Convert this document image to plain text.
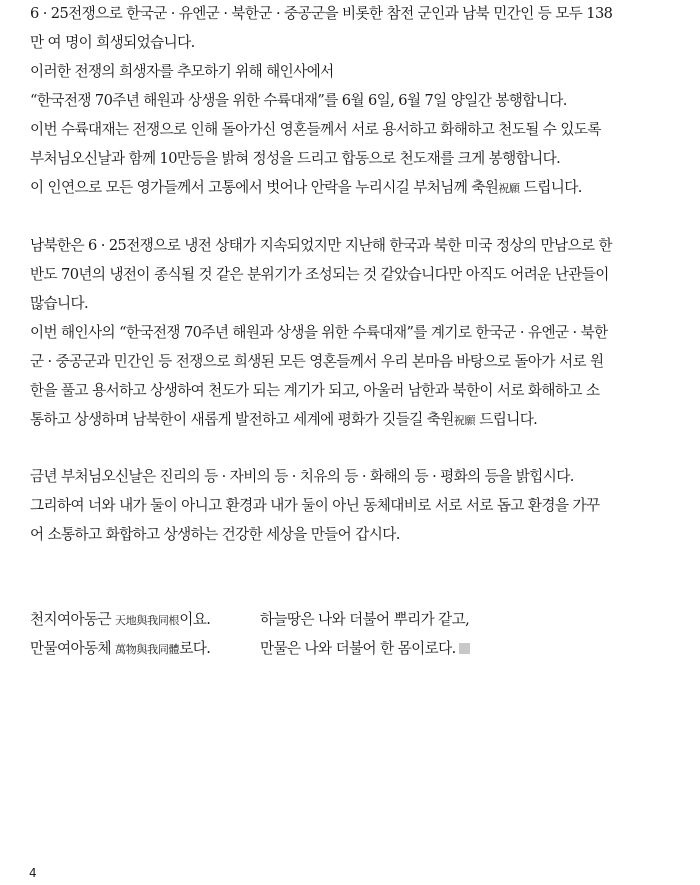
6 · 25전쟁으로 한국군 · 유엔군 · 북한군 · 중공군을 비롯한 참전 군인과 남북 민간인 등 모두 138
만 여 명이 희생되었습니다.
이러한 전쟁의 희생자를 추모하기 위해 해인사에서
“한국전쟁 70주년 해원과 상생을 위한 수륙대재”를 6월 6일, 6월 7일 양일간 봉행합니다.
이번 수륙대재는 전쟁으로 인해 돌아가신 영혼들께서 서로 용서하고 화해하고 천도될 수 있도록
부처님오신날과 함께 10만등을 밝혀 정성을 드리고 합동으로 천도재를 크게 봉행합니다.
이 인연으로 모든 영가들께서 고통에서 벗어나 안락을 누리시길 부처님께 축원祝願 드립니다.
남북한은 6 · 25전쟁으로 냉전 상태가 지속되었지만 지난해 한국과 북한 미국 정상의 만남으로 한
반도 70년의 냉전이 종식될 것 같은 분위기가 조성되는 것 같았습니다만 아직도 어려운 난관들이
많습니다.
이번 해인사의 “한국전쟁 70주년 해원과 상생을 위한 수륙대재”를 계기로 한국군 · 유엔군 · 북한
군 · 중공군과 민간인 등 전쟁으로 희생된 모든 영혼들께서 우리 본마음 바탕으로 돌아가 서로 원
한을 풀고 용서하고 상생하여 천도가 되는 계기가 되고, 아울러 남한과 북한이 서로 화해하고 소
통하고 상생하며 남북한이 새롭게 발전하고 세계에 평화가 깃들길 축원祝願 드립니다.
금년 부처님오신날은 진리의 등 · 자비의 등 · 치유의 등 · 화해의 등 · 평화의 등을 밝힙시다.
그리하여 너와 내가 둘이 아니고 환경과 내가 둘이 아닌 동체대비로 서로 서로 돕고 환경을 가꾸
어 소통하고 화합하고 상생하는 건강한 세상을 만들어 갑시다.
천지여아동근 天地與我同根이요.	하늘땅은 나와 더불어 뿌리가 같고,
만물여아동체 萬物與我同體로다.	만물은 나와 더불어 한 몸이로다.
4
